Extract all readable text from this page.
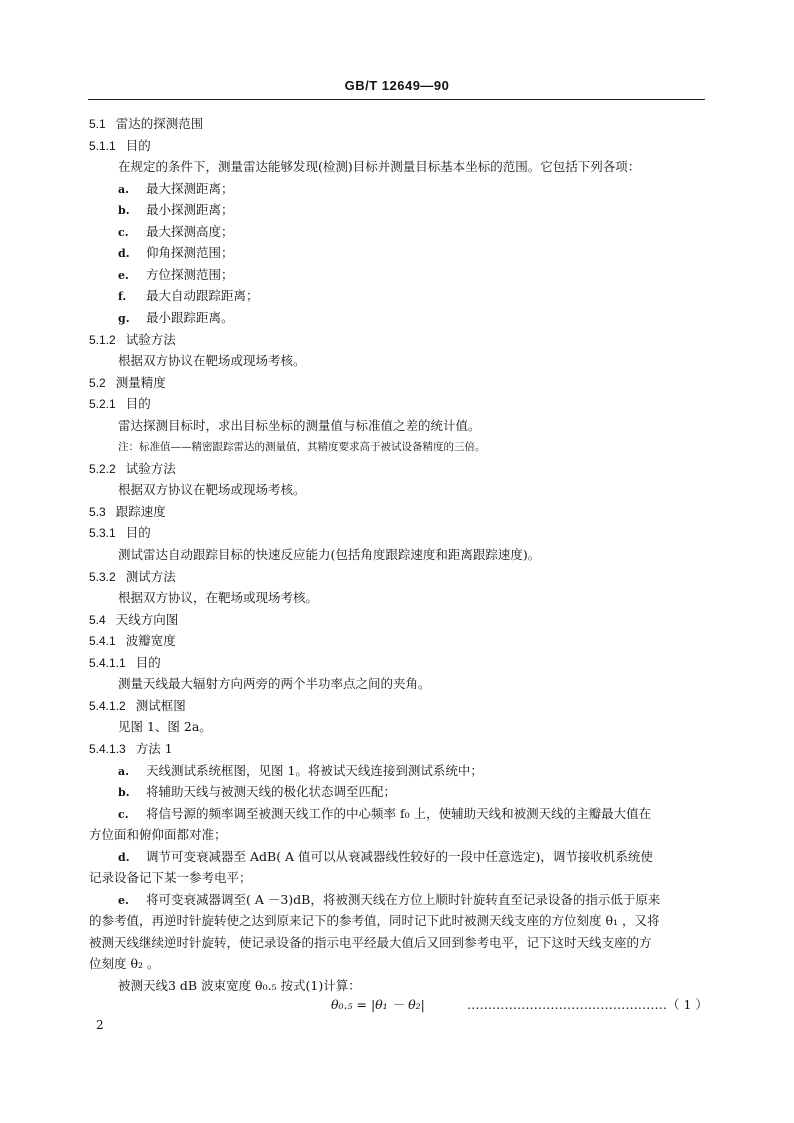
GB/T 12649—90
5.1 雷达的探测范围
5.1.1 目的
在规定的条件下，测量雷达能够发现(检测)目标并测量目标基本坐标的范围。它包括下列各项：
a. 最大探测距离；
b. 最小探测距离；
c. 最大探测高度；
d. 仰角探测范围；
e. 方位探测范围；
f. 最大自动跟踪距离；
g. 最小跟踪距离。
5.1.2 试验方法
根据双方协议在靶场或现场考核。
5.2 测量精度
5.2.1 目的
雷达探测目标时，求出目标坐标的测量值与标准值之差的统计值。
注：标准值——精密跟踪雷达的测量值，其精度要求高于被试设备精度的三倍。
5.2.2 试验方法
根据双方协议在靶场或现场考核。
5.3 跟踪速度
5.3.1 目的
测试雷达自动跟踪目标的快速反应能力(包括角度跟踪速度和距离跟踪速度)。
5.3.2 测试方法
根据双方协议，在靶场或现场考核。
5.4 天线方向图
5.4.1 波瓣宽度
5.4.1.1 目的
测量天线最大辐射方向两旁的两个半功率点之间的夹角。
5.4.1.2 测试框图
见图 1、图 2a。
5.4.1.3 方法 1
a. 天线测试系统框图，见图 1。将被试天线连接到测试系统中；
b. 将辅助天线与被测天线的极化状态调至匹配；
c. 将信号源的频率调至被测天线工作的中心频率 f₀ 上，使辅助天线和被测天线的主瓣最大值在
方位面和俯仰面都对准；
d. 调节可变衰减器至 AdB( A 值可以从衰减器线性较好的一段中任意选定)，调节接收机系统使
记录设备记下某一参考电平；
e. 将可变衰减器调至( A －3)dB，将被测天线在方位上顺时针旋转直至记录设备的指示低于原来
的参考值，再逆时针旋转使之达到原来记下的参考值，同时记下此时被测天线支座的方位刻度 θ₁ ，又将
被测天线继续逆时针旋转，使记录设备的指示电平经最大值后又回到参考电平，记下这时天线支座的方
位刻度 θ₂ 。
被测天线3 dB 波束宽度 θ₀.₅ 按式(1)计算：
θ₀.₅ = |θ₁ － θ₂|	…………………………………………（ 1 ）
2
